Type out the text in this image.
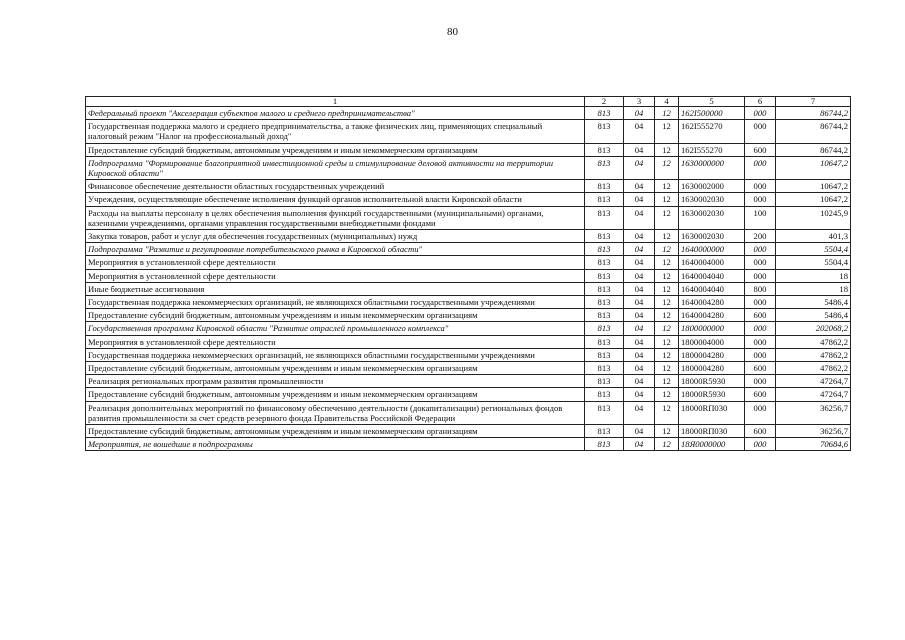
80
1	2	3	4	5	6	7
Федеральный проект "Акселерация субъектов малого и среднего предпринимательства"	813	04	12	162I500000	000	86744,2
Государственная поддержка малого и среднего предпринимательства, а также физических лиц, применяющих специальный налоговый режим "Налог на профессиональный доход"	813	04	12	162I555270	000	86744,2
Предоставление субсидий бюджетным, автономным учреждениям и иным некоммерческим организациям	813	04	12	162I555270	600	86744,2
Подпрограмма "Формирование благоприятной инвестиционной среды и стимулирование деловой активности на территории Кировской области"	813	04	12	1630000000	000	10647,2
Финансовое обеспечение деятельности областных государственных учреждений	813	04	12	1630002000	000	10647,2
Учреждения, осуществляющие обеспечение исполнения функций органов исполнительной власти Кировской области	813	04	12	1630002030	000	10647,2
Расходы на выплаты персоналу в целях обеспечения выполнения функций государственными (муниципальными) органами, казенными учреждениями, органами управления государственными внебюджетными фондами	813	04	12	1630002030	100	10245,9
Закупка товаров, работ и услуг для обеспечения государственных (муниципальных) нужд	813	04	12	1630002030	200	401,3
Подпрограмма "Развитие и регулирование потребительского рынка в Кировской области"	813	04	12	1640000000	000	5504,4
Мероприятия в установленной сфере деятельности	813	04	12	1640004000	000	5504,4
Мероприятия в установленной сфере деятельности	813	04	12	1640004040	000	18
Иные бюджетные ассигнования	813	04	12	1640004040	800	18
Государственная поддержка некоммерческих организаций, не являющихся областными государственными учреждениями	813	04	12	1640004280	000	5486,4
Предоставление субсидий бюджетным, автономным учреждениям и иным некоммерческим организациям	813	04	12	1640004280	600	5486,4
Государственная программа Кировской области "Развитие отраслей промышленного комплекса"	813	04	12	1800000000	000	202068,2
Мероприятия в установленной сфере деятельности	813	04	12	1800004000	000	47862,2
Государственная поддержка некоммерческих организаций, не являющихся областными государственными учреждениями	813	04	12	1800004280	000	47862,2
Предоставление субсидий бюджетным, автономным учреждениям и иным некоммерческим организациям	813	04	12	1800004280	600	47862,2
Реализация региональных программ развития промышленности	813	04	12	18000R5930	000	47264,7
Предоставление субсидий бюджетным, автономным учреждениям и иным некоммерческим организациям	813	04	12	18000R5930	600	47264,7
Реализация дополнительных мероприятий по финансовому обеспечению деятельности (докапитализации) региональных фондов развития промышленности за счет средств резервного фонда Правительства Российской Федерации	813	04	12	18000RП030	000	36256,7
Предоставление субсидий бюджетным, автономным учреждениям и иным некоммерческим организациям	813	04	12	18000RП030	600	36256,7
Мероприятия, не вошедшие в подпрограммы	813	04	12	18Я0000000	000	70684,6
